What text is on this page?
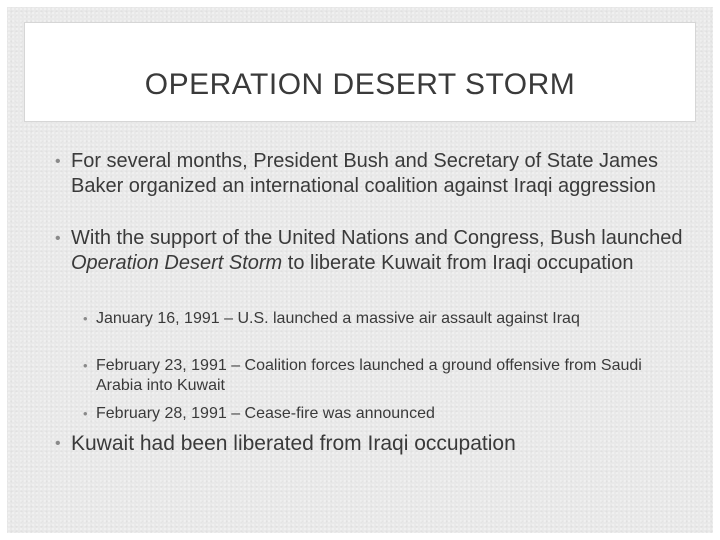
OPERATION DESERT STORM
• For several months, President Bush and Secretary of State James Baker organized an international coalition against Iraqi aggression
• With the support of the United Nations and Congress, Bush launched Operation Desert Storm to liberate Kuwait from Iraqi occupation
• January 16, 1991 – U.S. launched a massive air assault against Iraq
• February 23, 1991 – Coalition forces launched a ground offensive from Saudi Arabia into Kuwait
• February 28, 1991 – Cease-fire was announced
• Kuwait had been liberated from Iraqi occupation
